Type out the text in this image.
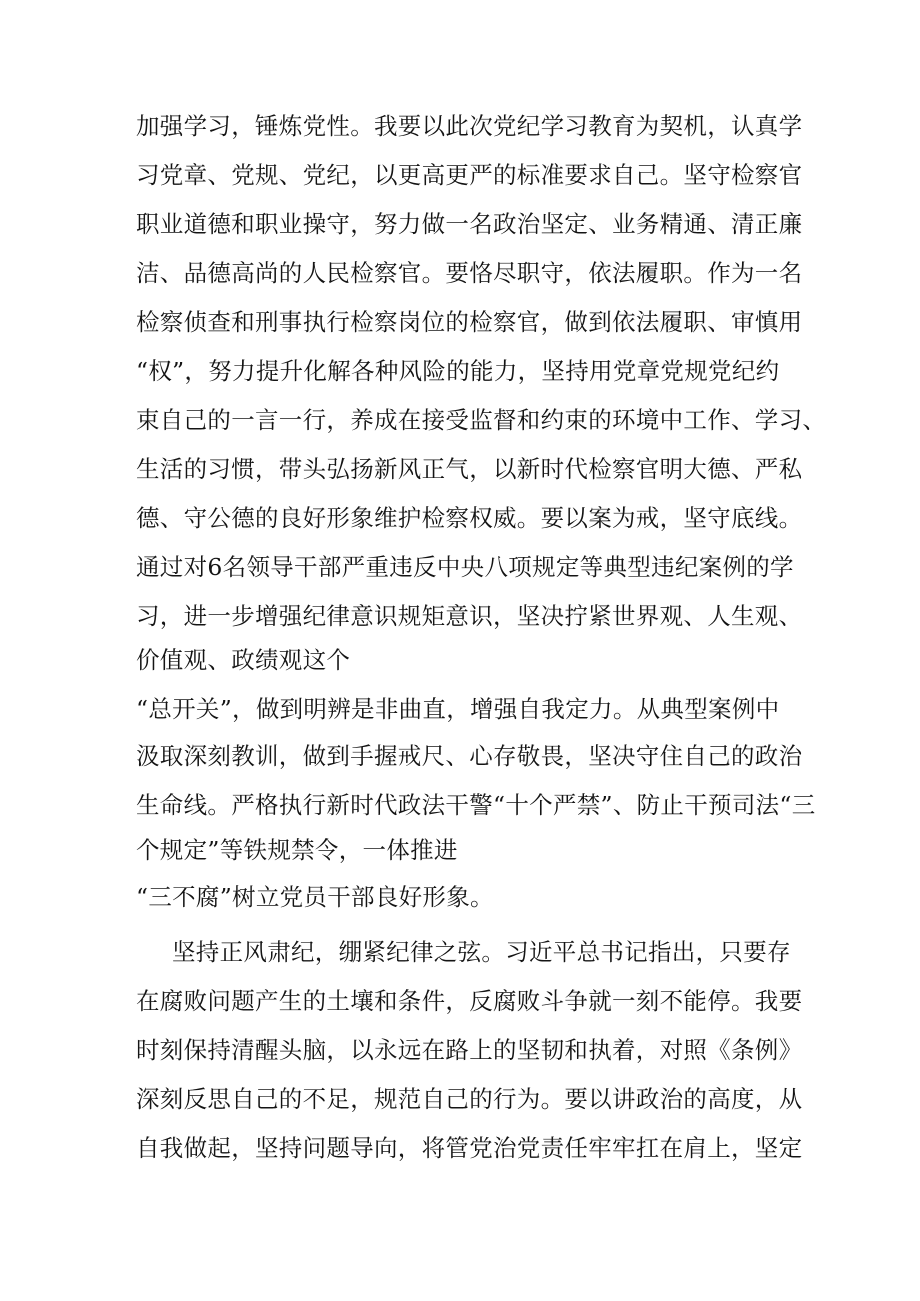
加强学习，锤炼党性。我要以此次党纪学习教育为契机，认真学
习党章、党规、党纪，以更高更严的标准要求自己。坚守检察官
职业道德和职业操守，努力做一名政治坚定、业务精通、清正廉
洁、品德高尚的人民检察官。要恪尽职守，依法履职。作为一名
检察侦查和刑事执行检察岗位的检察官，做到依法履职、审慎用
“权”，努力提升化解各种风险的能力，坚持用党章党规党纪约
束自己的一言一行，养成在接受监督和约束的环境中工作、学习、
生活的习惯，带头弘扬新风正气，以新时代检察官明大德、严私
德、守公德的良好形象维护检察权威。要以案为戒，坚守底线。
通过对6名领导干部严重违反中央八项规定等典型违纪案例的学
习，进一步增强纪律意识规矩意识，坚决拧紧世界观、人生观、
价值观、政绩观这个
“总开关”，做到明辨是非曲直，增强自我定力。从典型案例中
汲取深刻教训，做到手握戒尺、心存敬畏，坚决守住自己的政治
生命线。严格执行新时代政法干警“十个严禁”、防止干预司法“三
个规定”等铁规禁令，一体推进
“三不腐”树立党员干部良好形象。
坚持正风肃纪，绷紧纪律之弦。习近平总书记指出，只要存
在腐败问题产生的土壤和条件，反腐败斗争就一刻不能停。我要
时刻保持清醒头脑，以永远在路上的坚韧和执着，对照《条例》
深刻反思自己的不足，规范自己的行为。要以讲政治的高度，从
自我做起，坚持问题导向，将管党治党责任牢牢扛在肩上，坚定
